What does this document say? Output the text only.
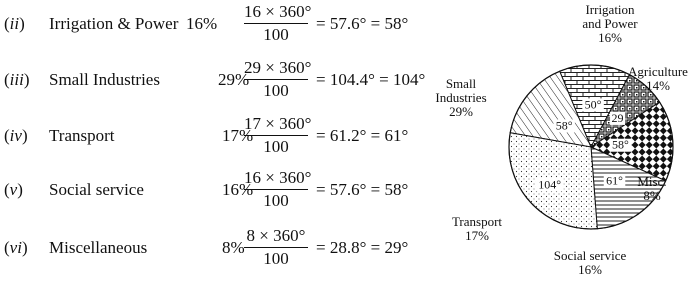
(ii) Irrigation & Power 16%
16 × 360°
100
= 57.6° = 58°
(iii) Small Industries	29%
29 × 360°
100
= 104.4° = 104°
(iv) Transport	17%
17 × 360°
100
= 61.2° = 61°
(v) Social service	16%
16 × 360°
100
= 57.6° = 58°
(vi) Miscellaneous	8%
8 × 360°
100
= 28.8° = 29°
58°
50°
29
58°
61°
104°
Irrigation
and Power
16%
Agriculture
14%
Misc.
8%
Social service
16%
Transport
17%
Small
Industries
29%
